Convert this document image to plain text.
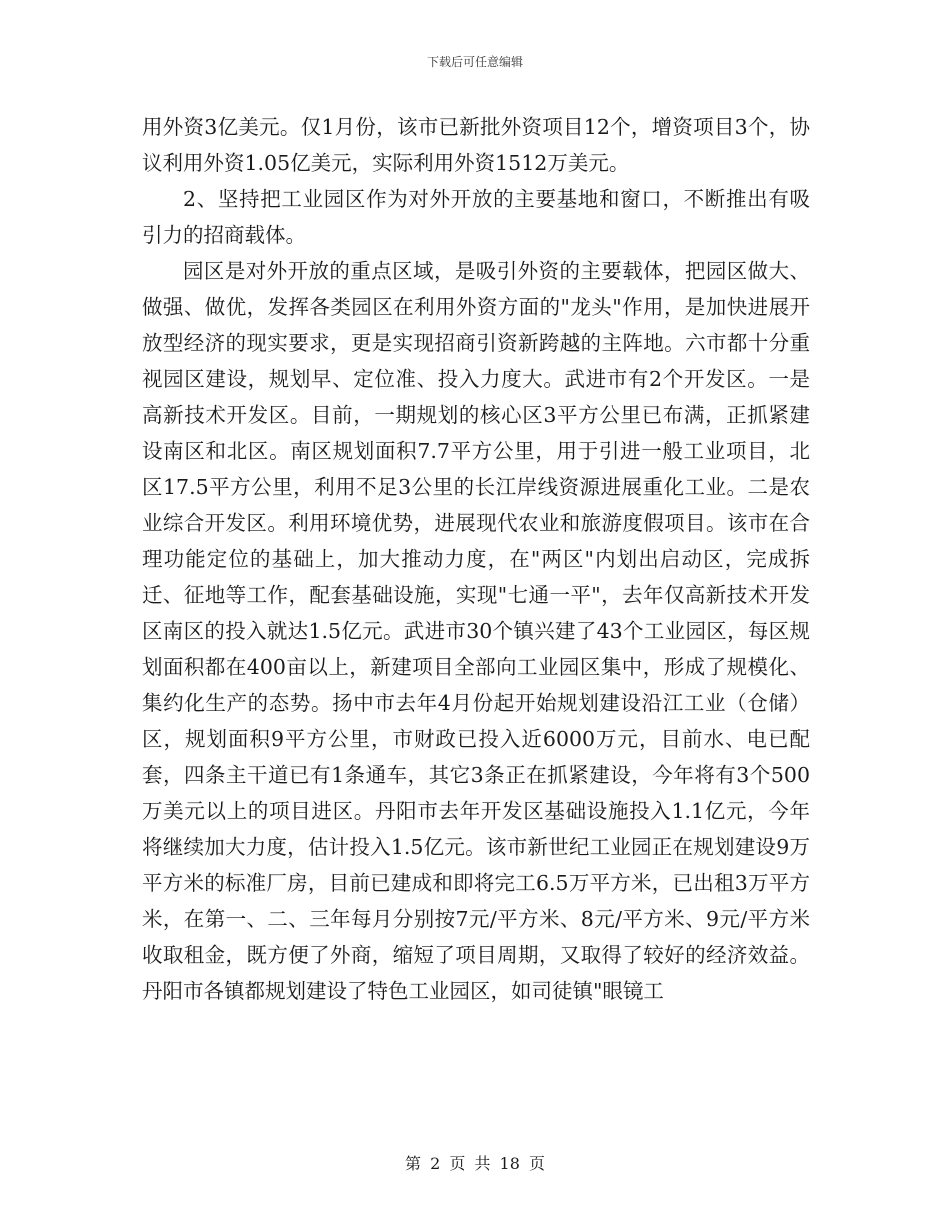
下载后可任意编辑

用外资3亿美元。仅1月份，该市已新批外资项目12个，增资项目3个，协议利用外资1.05亿美元，实际利用外资1512万美元。

2、坚持把工业园区作为对外开放的主要基地和窗口，不断推出有吸引力的招商载体。

园区是对外开放的重点区域，是吸引外资的主要载体，把园区做大、做强、做优，发挥各类园区在利用外资方面的"龙头"作用，是加快进展开放型经济的现实要求，更是实现招商引资新跨越的主阵地。六市都十分重视园区建设，规划早、定位准、投入力度大。武进市有2个开发区。一是高新技术开发区。目前，一期规划的核心区3平方公里已布满，正抓紧建设南区和北区。南区规划面积7.7平方公里，用于引进一般工业项目，北区17.5平方公里，利用不足3公里的长江岸线资源进展重化工业。二是农业综合开发区。利用环境优势，进展现代农业和旅游度假项目。该市在合理功能定位的基础上，加大推动力度，在"两区"内划出启动区，完成拆迁、征地等工作，配套基础设施，实现"七通一平"，去年仅高新技术开发区南区的投入就达1.5亿元。武进市30个镇兴建了43个工业园区，每区规划面积都在400亩以上，新建项目全部向工业园区集中，形成了规模化、集约化生产的态势。扬中市去年4月份起开始规划建设沿江工业（仓储）区，规划面积9平方公里，市财政已投入近6000万元，目前水、电已配套，四条主干道已有1条通车，其它3条正在抓紧建设，今年将有3个500万美元以上的项目进区。丹阳市去年开发区基础设施投入1.1亿元，今年将继续加大力度，估计投入1.5亿元。该市新世纪工业园正在规划建设9万平方米的标准厂房，目前已建成和即将完工6.5万平方米，已出租3万平方米，在第一、二、三年每月分别按7元/平方米、8元/平方米、9元/平方米收取租金，既方便了外商，缩短了项目周期，又取得了较好的经济效益。丹阳市各镇都规划建设了特色工业园区，如司徒镇"眼镜工

第 2 页 共 18 页
